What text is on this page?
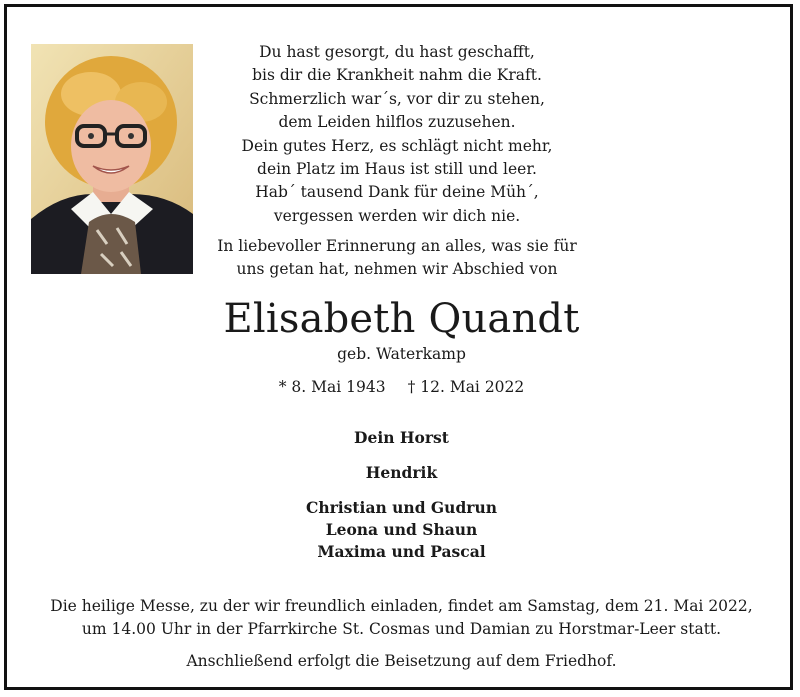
Du hast gesorgt, du hast geschafft,
bis dir die Krankheit nahm die Kraft.
Schmerzlich war´s, vor dir zu stehen,
dem Leiden hilflos zuzusehen.
Dein gutes Herz, es schlägt nicht mehr,
dein Platz im Haus ist still und leer.
Hab´ tausend Dank für deine Müh´,
vergessen werden wir dich nie.
In liebevoller Erinnerung an alles, was sie für
uns getan hat, nehmen wir Abschied von
Elisabeth Quandt
geb. Waterkamp
* 8. Mai 1943 † 12. Mai 2022
Dein Horst
Hendrik
Christian und Gudrun
Leona und Shaun
Maxima und Pascal
Die heilige Messe, zu der wir freundlich einladen, findet am Samstag, dem 21. Mai 2022,
um 14.00 Uhr in der Pfarrkirche St. Cosmas und Damian zu Horstmar-Leer statt.
Anschließend erfolgt die Beisetzung auf dem Friedhof.
